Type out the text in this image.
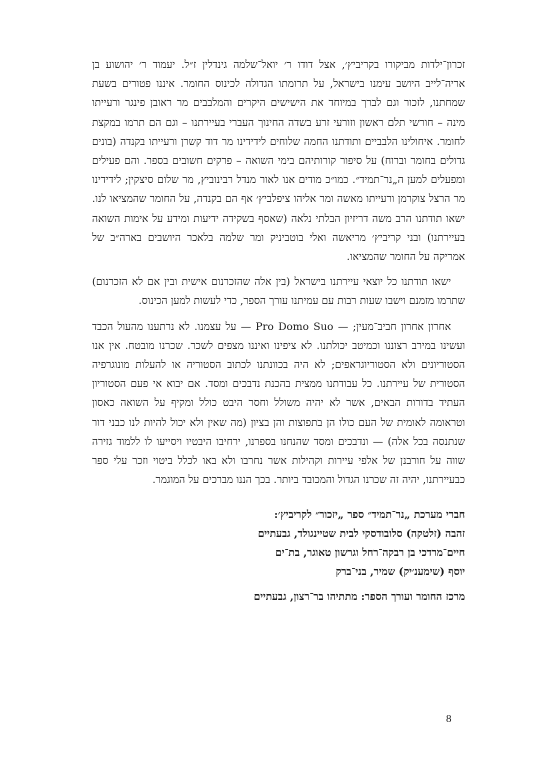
זכרון־ילדות מביקורו בקריביץ׳, אצל דודו ר׳ יואל־שלמה גינדלין ז״ל. יעמוד ר׳ יהושוע בן אריה־לייב היושב עימנו בישראל, על תרומתו הגדולה לכינוס החומר. איננו פטורים בשעת שמחתנו, לזכור וגם לברך במיוחד את הישישים היקרים והמלבבים מר ראובן פינגר ורעייתו מינה – חורשי תלם ראשון וזורעי זרע בשדה החינוך העברי בעיירתנו – וגם הם תרמו במקצת לחומר. איחולינו הלבביים ותודתנו החמה שלוחים לידידינו מר דוד קשרן ורעייתו בקנדה (בונים גדולים בחומר וברוח) על סיפור קורותיהם בימי השואה – פרקים חשובים בספר. והם פעילים ומפעלים למען ה„נר־תמיד״. כמו״כ מודים אנו לאור מנדל רבינוביץ, מר שלום סיצקין; לידידינו מר הרצל צוקרמן ורעייתו מאשה ומר אליהו ציפלביץ׳ אף הם בקנדה, על החומר שהמציאו לנו. ישאו תודתנו הרב משה דריזיון הבלתי נלאה (שאסף בשקידה ידיעות ומידע על אימות השואה בעיירתנו) ובני קריביץ׳ מריאשה ואלי בוטביניק ומר שלמה בלאכר היושבים בארה״ב של אמריקה על החומר שהמציאו.

ישאו תודתנו כל יוצאי עיירתנו בישראל (בין אלה שהזכרנום אישית ובין אם לא הזכרנום) שתרמו מזמנם וישבו שעות רבות עם עמיתנו עורך הספר, כדי לעשות למען הכינוס.

אחרון אחרון חביב־מעין; — Pro Domo Suo — על עצמנו. לא נרתענו מהעול הכבד ועשינו במירב רצוננו וכמיטב יכולתנו. לא ציפינו ואיננו מצפים לשכר. שכרנו מובטח. אין אנו הסטוריונים ולא הסטוריוגראפים; לא היה בכוונתנו לכתוב הסטוריה או להעלות מונוגרפיה הסטורית של עיירתנו. כל עבודתנו ממצית בהכנת נדבכים ומסד. אם יבוא אי פעם הסטוריון העתיד בדורות הבאים, אשר לא יהיה משולל וחסר היבט כולל ומקיף על השואה כאסון וטראומה לאומית של העם כולו הן בתפוצות והן בציון (מה שאין ולא יכול להיות לנו כבני דור שנתנסה בכל אלה) — ונדבכים ומסד שהנחנו בספרנו, ירחיבו היבטיו ויסייעו לו ללמוד גזירה שווה על חורבנן של אלפי עיירות וקהילות אשר נחרבו ולא באו לכלל ביטוי וזכר עלי ספר כבעיירתנו, יהיה זה שכרנו הגדול והמכובד ביותר. בכך הננו מברכים על המוגמר.

חברי מערכת „נר־תמיד״ ספר „יזכור״ לקריביץ׳:
זהבה (זלטקה) סלובודסקי לבית שטיינגולד, גבעתיים
חיים־מרדכי בן רבקה־רחל וגרשון טאוגר, בת־ים
יוסף (שימענ׳יק) שמיר, בני־ברק
מרכז החומר ועורך הספר: מתתיהו בר־רצון, גבעתיים
8
